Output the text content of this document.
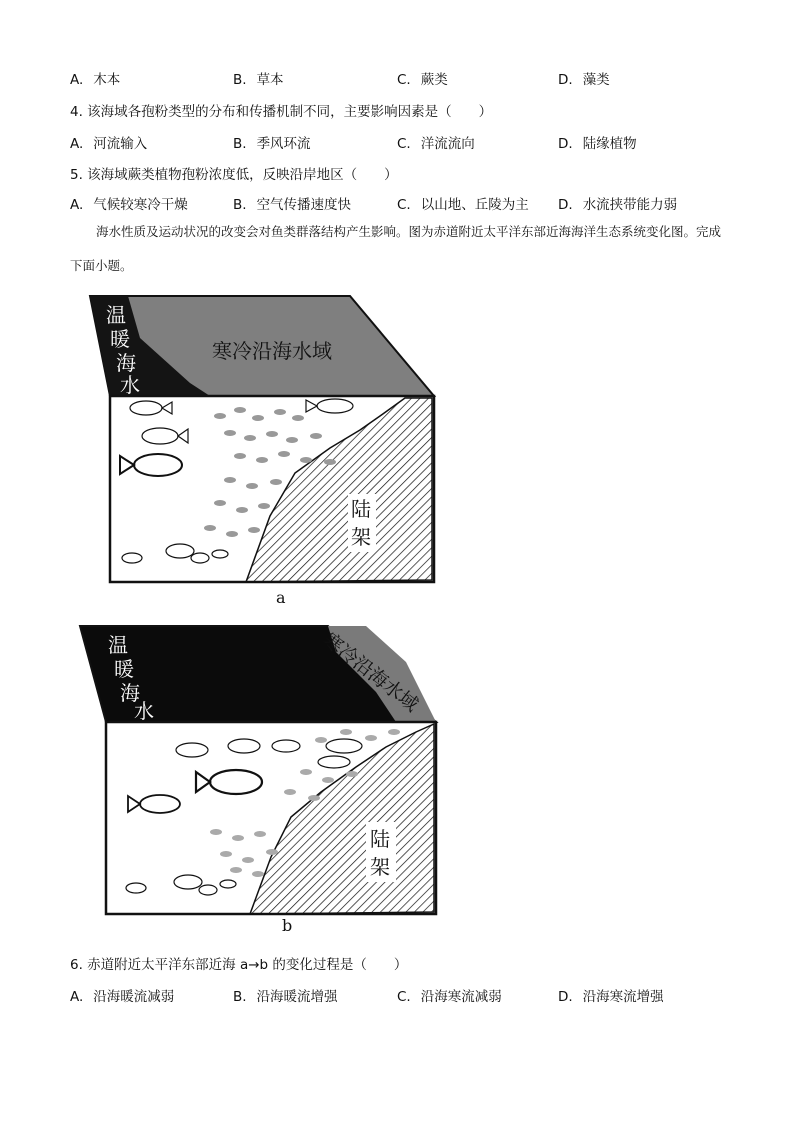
A. 木本	B. 草本	C. 蕨类	D. 藻类
4. 该海域各孢粉类型的分布和传播机制不同，主要影响因素是（　　）
A. 河流输入	B. 季风环流	C. 洋流流向	D. 陆缘植物
5. 该海域蕨类植物孢粉浓度低，反映沿岸地区（　　）
A. 气候较寒冷干燥	B. 空气传播速度快	C. 以山地、丘陵为主 D. 水流挟带能力弱
海水性质及运动状况的改变会对鱼类群落结构产生影响。图为赤道附近太平洋东部近海海洋生态系统变化图。完成下面小题。
温
暖
海
水
寒冷沿海水域
陆
架
a
温
暖
海
水	寒冷沿海水域
陆
架
b
6. 赤道附近太平洋东部近海 a→b 的变化过程是（　　）
A. 沿海暖流减弱	B. 沿海暖流增强	C. 沿海寒流减弱	D. 沿海寒流增强
